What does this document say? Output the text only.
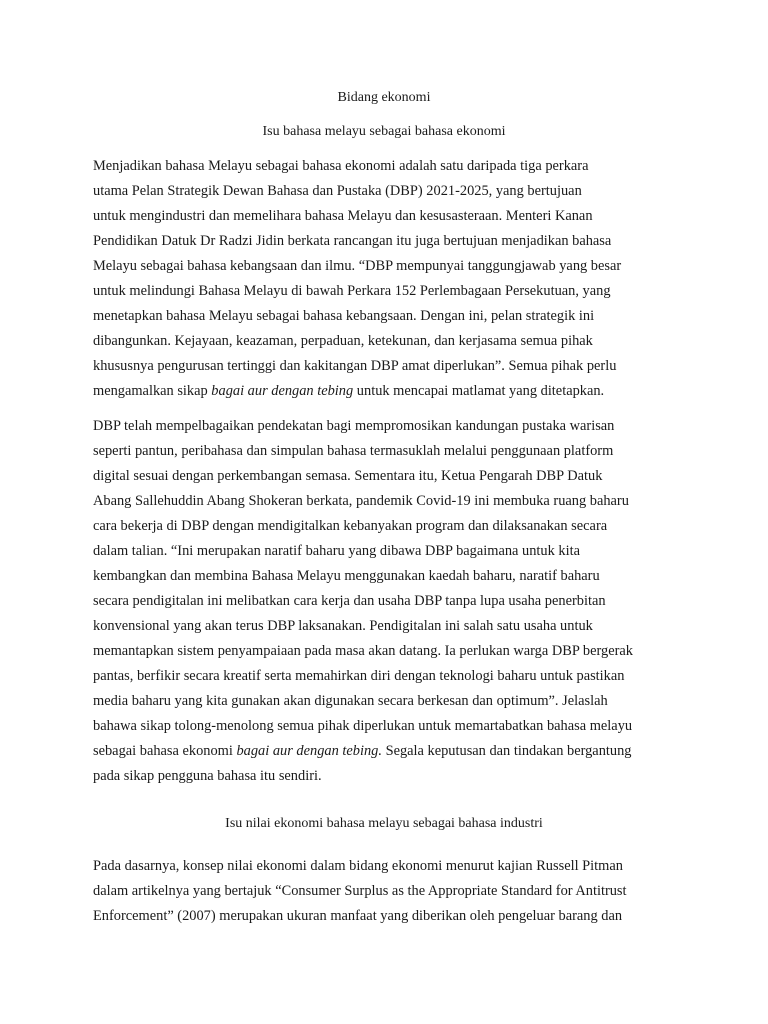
Bidang ekonomi
Isu bahasa melayu sebagai bahasa ekonomi
Menjadikan bahasa Melayu sebagai bahasa ekonomi adalah satu daripada tiga perkara
utama Pelan Strategik Dewan Bahasa dan Pustaka (DBP) 2021-2025, yang bertujuan
untuk mengindustri dan memelihara bahasa Melayu dan kesusasteraan. Menteri Kanan
Pendidikan Datuk Dr Radzi Jidin berkata rancangan itu juga bertujuan menjadikan bahasa
Melayu sebagai bahasa kebangsaan dan ilmu. “DBP mempunyai tanggungjawab yang besar
untuk melindungi Bahasa Melayu di bawah Perkara 152 Perlembagaan Persekutuan, yang
menetapkan bahasa Melayu sebagai bahasa kebangsaan. Dengan ini, pelan strategik ini
dibangunkan. Kejayaan, keazaman, perpaduan, ketekunan, dan kerjasama semua pihak
khususnya pengurusan tertinggi dan kakitangan DBP amat diperlukan”. Semua pihak perlu
mengamalkan sikap bagai aur dengan tebing untuk mencapai matlamat yang ditetapkan.
DBP telah mempelbagaikan pendekatan bagi mempromosikan kandungan pustaka warisan
seperti pantun, peribahasa dan simpulan bahasa termasuklah melalui penggunaan platform
digital sesuai dengan perkembangan semasa. Sementara itu, Ketua Pengarah DBP Datuk
Abang Sallehuddin Abang Shokeran berkata, pandemik Covid-19 ini membuka ruang baharu
cara bekerja di DBP dengan mendigitalkan kebanyakan program dan dilaksanakan secara
dalam talian. “Ini merupakan naratif baharu yang dibawa DBP bagaimana untuk kita
kembangkan dan membina Bahasa Melayu menggunakan kaedah baharu, naratif baharu
secara pendigitalan ini melibatkan cara kerja dan usaha DBP tanpa lupa usaha penerbitan
konvensional yang akan terus DBP laksanakan. Pendigitalan ini salah satu usaha untuk
memantapkan sistem penyampaiaan pada masa akan datang. Ia perlukan warga DBP bergerak
pantas, berfikir secara kreatif serta memahirkan diri dengan teknologi baharu untuk pastikan
media baharu yang kita gunakan akan digunakan secara berkesan dan optimum”. Jelaslah
bahawa sikap tolong-menolong semua pihak diperlukan untuk memartabatkan bahasa melayu
sebagai bahasa ekonomi bagai aur dengan tebing. Segala keputusan dan tindakan bergantung
pada sikap pengguna bahasa itu sendiri.
Isu nilai ekonomi bahasa melayu sebagai bahasa industri
Pada dasarnya, konsep nilai ekonomi dalam bidang ekonomi menurut kajian Russell Pitman
dalam artikelnya yang bertajuk “Consumer Surplus as the Appropriate Standard for Antitrust
Enforcement” (2007) merupakan ukuran manfaat yang diberikan oleh pengeluar barang dan
